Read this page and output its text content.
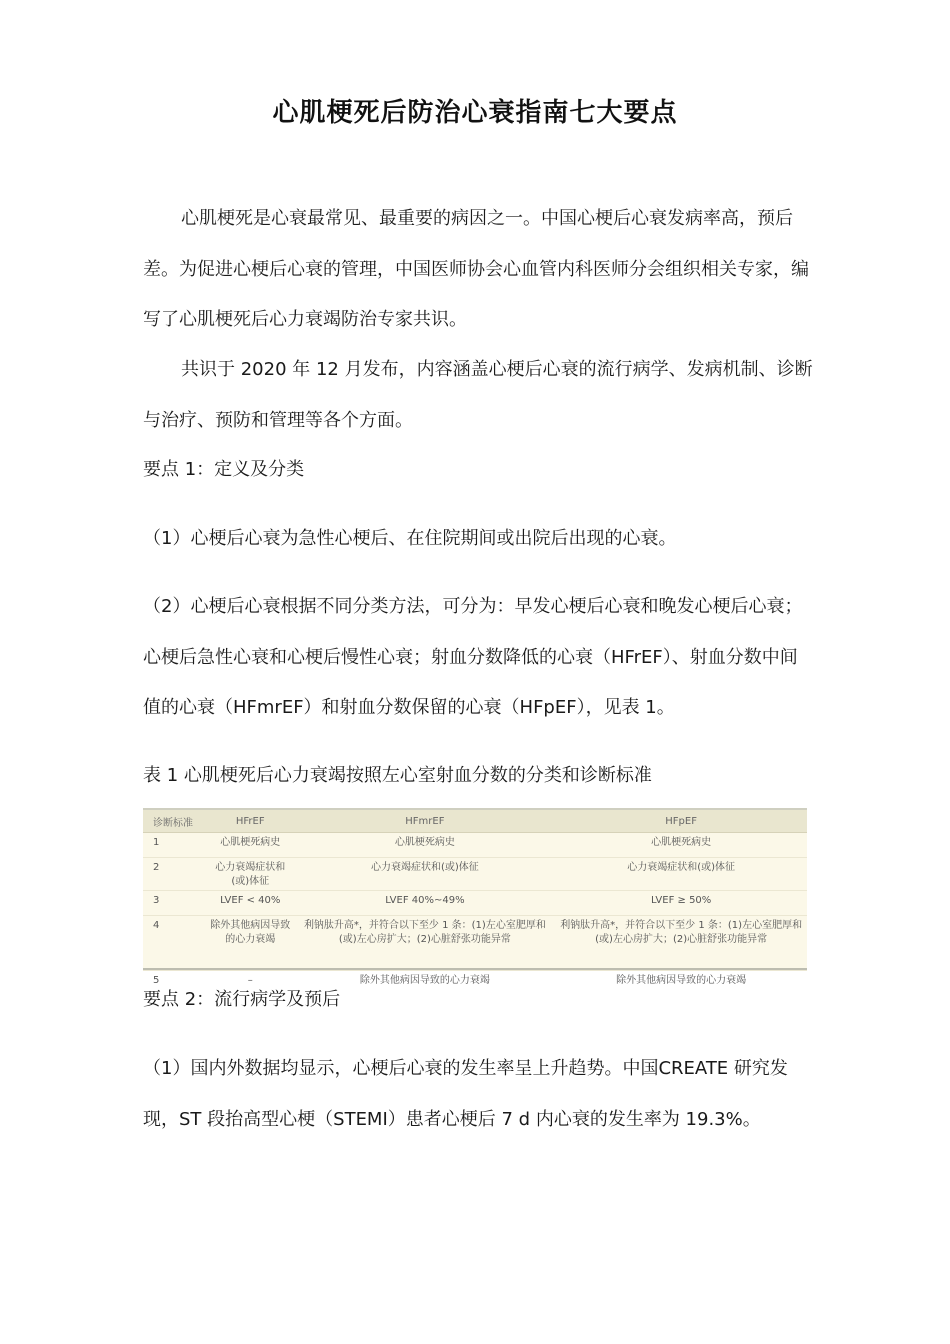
心肌梗死后防治心衰指南七大要点

心肌梗死是心衰最常见、最重要的病因之一。中国心梗后心衰发病率高，预后差。为促进心梗后心衰的管理，中国医师协会心血管内科医师分会组织相关专家，编写了心肌梗死后心力衰竭防治专家共识。

共识于 2020 年 12 月发布，内容涵盖心梗后心衰的流行病学、发病机制、诊断与治疗、预防和管理等各个方面。

要点 1：定义及分类

（1）心梗后心衰为急性心梗后、在住院期间或出院后出现的心衰。

（2）心梗后心衰根据不同分类方法，可分为：早发心梗后心衰和晚发心梗后心衰；心梗后急性心衰和心梗后慢性心衰；射血分数降低的心衰（HFrEF）、射血分数中间值的心衰（HFmrEF）和射血分数保留的心衰（HFpEF），见表 1。

表 1 心肌梗死后心力衰竭按照左心室射血分数的分类和诊断标准
诊断标准	HFrEF	HFmrEF	HFpEF
1	心肌梗死病史	心肌梗死病史	心肌梗死病史
2	心力衰竭症状和(或)体征	心力衰竭症状和(或)体征	心力衰竭症状和(或)体征
3	LVEF < 40%	LVEF 40%~49%	LVEF ≥ 50%
4	除外其他病因导致的心力衰竭	利钠肽升高*，并符合以下至少 1 条：(1)左心室肥厚和(或)左心房扩大；(2)心脏舒张功能异常	利钠肽升高*，并符合以下至少 1 条：(1)左心室肥厚和(或)左心房扩大；(2)心脏舒张功能异常
5	–	除外其他病因导致的心力衰竭	除外其他病因导致的心力衰竭
要点 2：流行病学及预后

（1）国内外数据均显示，心梗后心衰的发生率呈上升趋势。中国CREATE 研究发现，ST 段抬高型心梗（STEMI）患者心梗后 7 d 内心衰的发生率为 19.3%。
